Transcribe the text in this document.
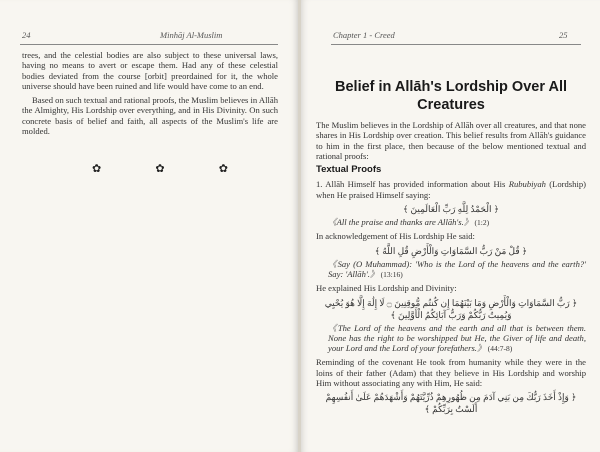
24	Minhāj Al-Muslim

trees, and the celestial bodies are also subject to these universal laws, having no means to avert or escape them. Had any of these celestial bodies deviated from the course [orbit] preordained for it, the whole universe should have been ruined and life would have come to an end.

Based on such textual and rational proofs, the Muslim believes in Allāh the Almighty, His Lordship over everything, and in His Divinity. On such concrete basis of belief and faith, all aspects of the Muslim's life are molded.

✿	✿	✿
Chapter 1 - Creed	25
Belief in Allāh's Lordship Over All Creatures
The Muslim believes in the Lordship of Allāh over all creatures, and that none shares in His Lordship over creation. This belief results from Allāh's guidance to him in the first place, then because of the below mentioned textual and rational proofs:
Textual Proofs
1. Allāh Himself has provided information about His Rububiyah (Lordship) when He praised Himself saying:
﴿ الْحَمْدُ لِلَّهِ رَبِّ الْعَالَمِينَ ﴾
《All the praise and thanks are Allāh's.》 (1:2)
In acknowledgement of His Lordship He said:
﴿ قُلْ مَنْ رَبُّ السَّمَاوَاتِ وَالْأَرْضِ قُلِ اللَّهُ ﴾
《Say (O Muhammad): 'Who is the Lord of the heavens and the earth?' Say: 'Allāh'.》 (13:16)
He explained His Lordship and Divinity:
﴿ رَبُّ السَّمَاوَاتِ وَالْأَرْضِ وَمَا بَيْنَهُمَا إِن كُنتُم مُّوقِنِينَ ۝ لَا إِلَٰهَ إِلَّا هُوَ يُحْيِي وَيُمِيتُ رَبُّكُمْ وَرَبُّ آبَائِكُمُ الْأَوَّلِينَ ﴾
《The Lord of the heavens and the earth and all that is between them. None has the right to be worshipped but He, the Giver of life and death, your Lord and the Lord of your forefathers.》 (44:7-8)
Reminding of the covenant He took from humanity while they were in the loins of their father (Adam) that they believe in His Lordship and worship Him without associating any with Him, He said:
﴿ وَإِذْ أَخَذَ رَبُّكَ مِن بَنِي آدَمَ مِن ظُهُورِهِمْ ذُرِّيَّتَهُمْ وَأَشْهَدَهُمْ عَلَىٰ أَنفُسِهِمْ أَلَسْتُ بِرَبِّكُمْ ﴾
